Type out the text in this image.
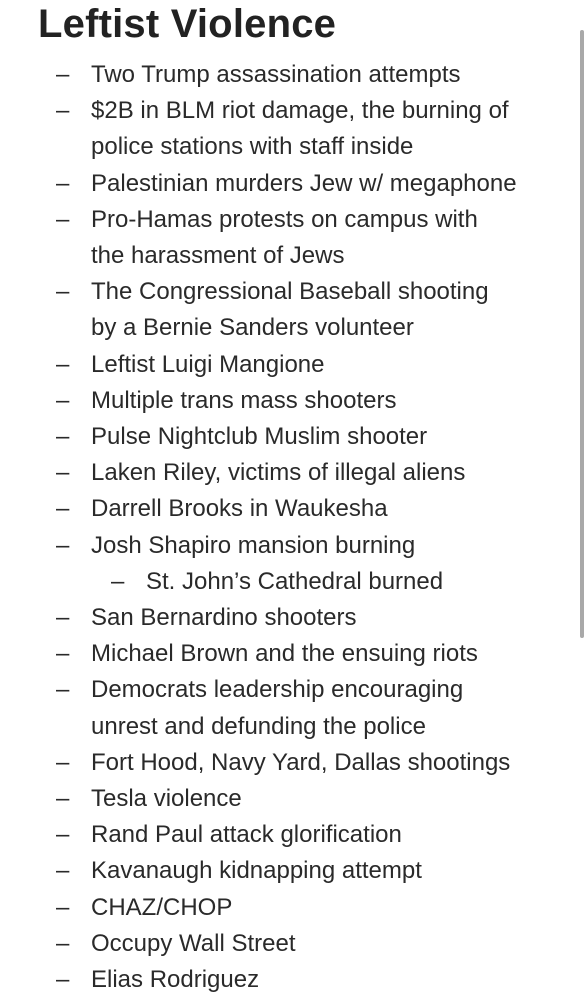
Leftist Violence
– Two Trump assassination attempts
– $2B in BLM riot damage, the burning of
police stations with staff inside
– Palestinian murders Jew w/ megaphone
– Pro-Hamas protests on campus with
the harassment of Jews
– The Congressional Baseball shooting
by a Bernie Sanders volunteer
– Leftist Luigi Mangione
– Multiple trans mass shooters
– Pulse Nightclub Muslim shooter
– Laken Riley, victims of illegal aliens
– Darrell Brooks in Waukesha
– Josh Shapiro mansion burning
– St. John’s Cathedral burned
– San Bernardino shooters
– Michael Brown and the ensuing riots
– Democrats leadership encouraging
unrest and defunding the police
– Fort Hood, Navy Yard, Dallas shootings
– Tesla violence
– Rand Paul attack glorification
– Kavanaugh kidnapping attempt
– CHAZ/CHOP
– Occupy Wall Street
– Elias Rodriguez
